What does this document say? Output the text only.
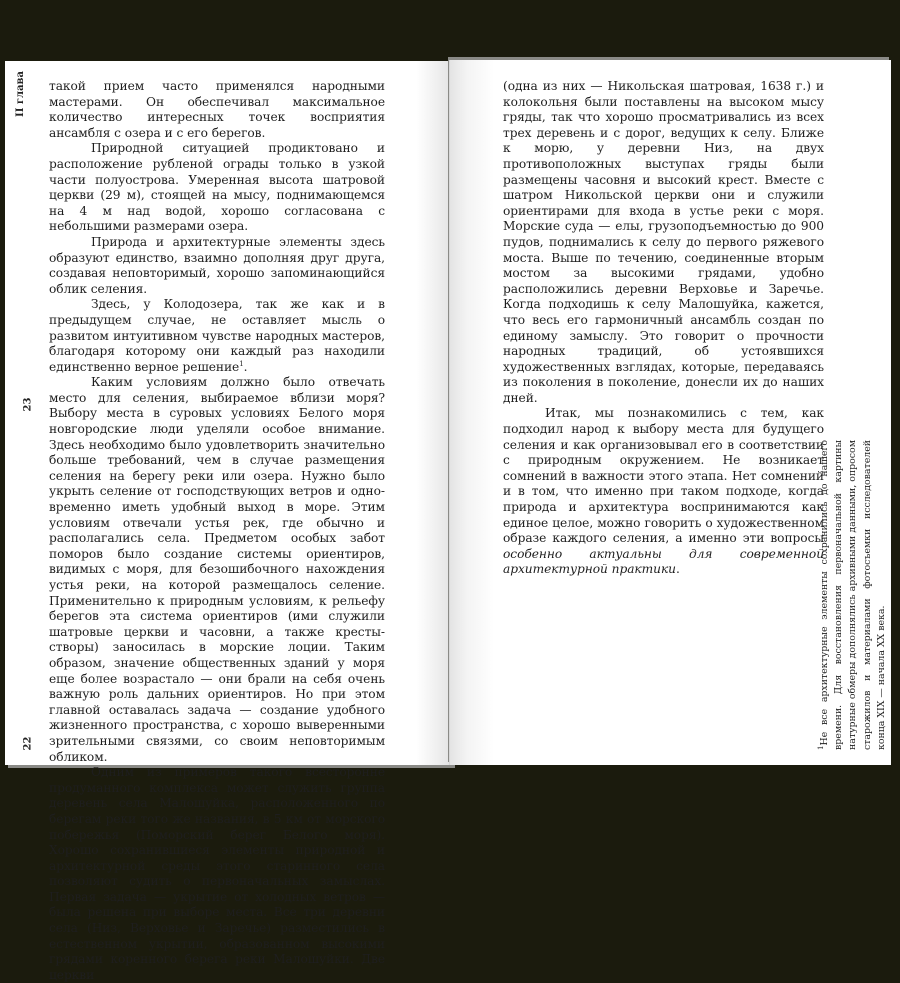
II глава
23
22

такой прием часто применялся народными мастерами. Он обеспечивал максимальное количество интересных точек восприятия ансамбля с озера и с его берегов.

Природной ситуацией продиктовано и расположение рубленой ограды только в узкой части полуострова. Умеренная высота шатровой церкви (29 м), стоящей на мысу, поднимающемся на 4 м над водой, хорошо согласована с небольшими размерами озера.

Природа и архитектурные элементы здесь образуют единство, взаимно дополняя друг друга, создавая неповторимый, хорошо запоминающийся облик селения.

Здесь, у Колодозера, так же как и в предыдущем случае, не оставляет мысль о развитом интуитивном чувстве народных мастеров, благодаря которому они каждый раз находили единственно верное решение$^1$.

Каким условиям должно было отвечать место для селения, выбираемое вблизи моря? Выбору места в суровых условиях Белого моря новгородские люди уделяли особое внимание. Здесь необходимо было удовлетворить значительно больше требований, чем в случае размещения селения на берегу реки или озера. Нужно было укрыть селение от господствующих ветров и одновременно иметь удобный выход в море. Этим условиям отвечали устья рек, где обычно и располагались села. Предметом особых забот поморов было создание системы ориентиров, видимых с моря, для безошибочного нахождения устья реки, на которой размещалось селение. Применительно к природным условиям, к рельефу берегов эта система ориентиров (ими служили шатровые церкви и часовни, а также кресты-створы) заносилась в морские лоции. Таким образом, значение общественных зданий у моря еще более возрастало — они брали на себя очень важную роль дальних ориентиров. Но при этом главной оставалась задача — создание удобного жизненного пространства, с хорошо выверенными зрительными связями, со своим неповторимым обликом.

Одним из примеров такого всесторонне продуманного комплекса может служить группа деревень села Малошуйка, расположенного по берегам реки того же названия, в 5 км от морского побережья (Поморский берег Белого моря). Хорошо сохранившиеся элементы природной и архитектурной среды этого старинного села позволяют судить о первоначальных замыслах. Первая задача — укрытие от холодных ветров — была решена при выборе места. Все три деревни села (Низ, Верховье и Заречье) разместились в естественном укрытии, образованном высокими грядами коренного берега реки Малошуйки. Две церкви

(одна из них — Никольская шатровая, 1638 г.) и колокольня были поставлены на высоком мысу гряды, так что хорошо просматривались из всех трех деревень и с дорог, ведущих к селу. Ближе к морю, у деревни Низ, на двух противоположных выступах гряды были размещены часовня и высокий крест. Вместе с шатром Никольской церкви они и служили ориентирами для входа в устье реки с моря. Морские суда — елы, грузоподъемностью до 900 пудов, поднимались к селу до первого ряжевого моста. Выше по течению, соединенные вторым мостом за высокими грядами, удобно расположились деревни Верховье и Заречье. Когда подходишь к селу Малошуйка, кажется, что весь его гармоничный ансамбль создан по единому замыслу. Это говорит о прочности народных традиций, об устоявшихся художественных взглядах, которые, передаваясь из поколения в поколение, донесли их до наших дней.

Итак, мы познакомились с тем, как подходил народ к выбору места для будущего селения и как организовывал его в соответствии с природным окружением. Не возникает сомнений в важности этого этапа. Нет сомнений и в том, что именно при таком подходе, когда природа и архитектура воспринимаются как единое целое, можно говорить о художественном образе каждого селения, а именно эти вопросы особенно актуальны для современной архитектурной практики.

$^1$Не все архитектурные элементы сохранились до нашего времени. Для восстановления первоначальной картины натурные обмеры дополнялись архивными данными, опросом старожилов и материалами фотосъемки исследователей конца XIX — начала XX века.
